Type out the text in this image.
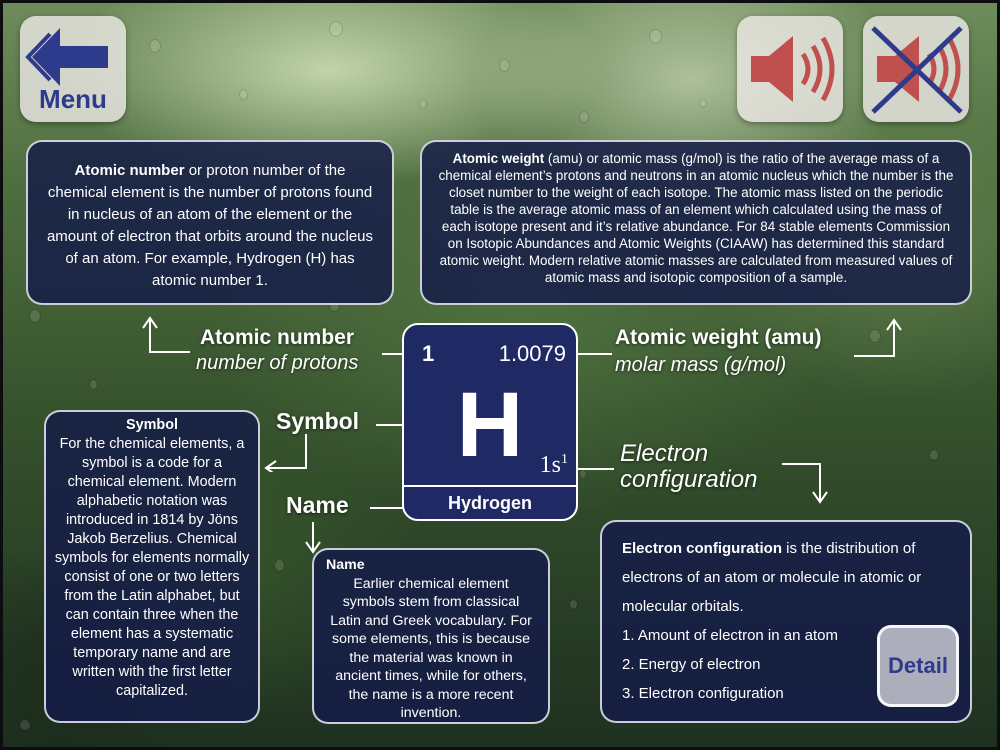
Menu
Atomic number or proton number of the chemical element is the number of protons found in nucleus of an atom of the element or the amount of electron that orbits around the nucleus of an atom. For example, Hydrogen (H) has atomic number 1.
Atomic weight (amu) or atomic mass (g/mol) is the ratio of the average mass of a chemical element’s protons and neutrons in an atomic nucleus which the number is the closet number to the weight of each isotope. The atomic mass listed on the periodic table is the average atomic mass of an element which calculated using the mass of each isotope present and it’s relative abundance. For 84 stable elements Commission on Isotopic Abundances and Atomic Weights (CIAAW) has determined this standard atomic weight. Modern relative atomic masses are calculated from measured values of atomic mass and isotopic composition of a sample.
Atomic number
number of protons
Atomic weight (amu)
molar mass (g/mol)
Symbol
Name
Electron
configuration
1	1.0079
H $1s^1$
Hydrogen
Symbol
For the chemical elements, a symbol is a code for a chemical element. Modern alphabetic notation was introduced in 1814 by Jöns Jakob Berzelius. Chemical symbols for elements normally consist of one or two letters from the Latin alphabet, but can contain three when the element has a systematic temporary name and are written with the first letter capitalized.
Name
Earlier chemical element symbols stem from classical Latin and Greek vocabulary. For some elements, this is because the material was known in ancient times, while for others, the name is a more recent invention.
Electron configuration is the distribution of electrons of an atom or molecule in atomic or molecular orbitals.
1. Amount of electron in an atom
2. Energy of electron
3. Electron configuration
Detail
